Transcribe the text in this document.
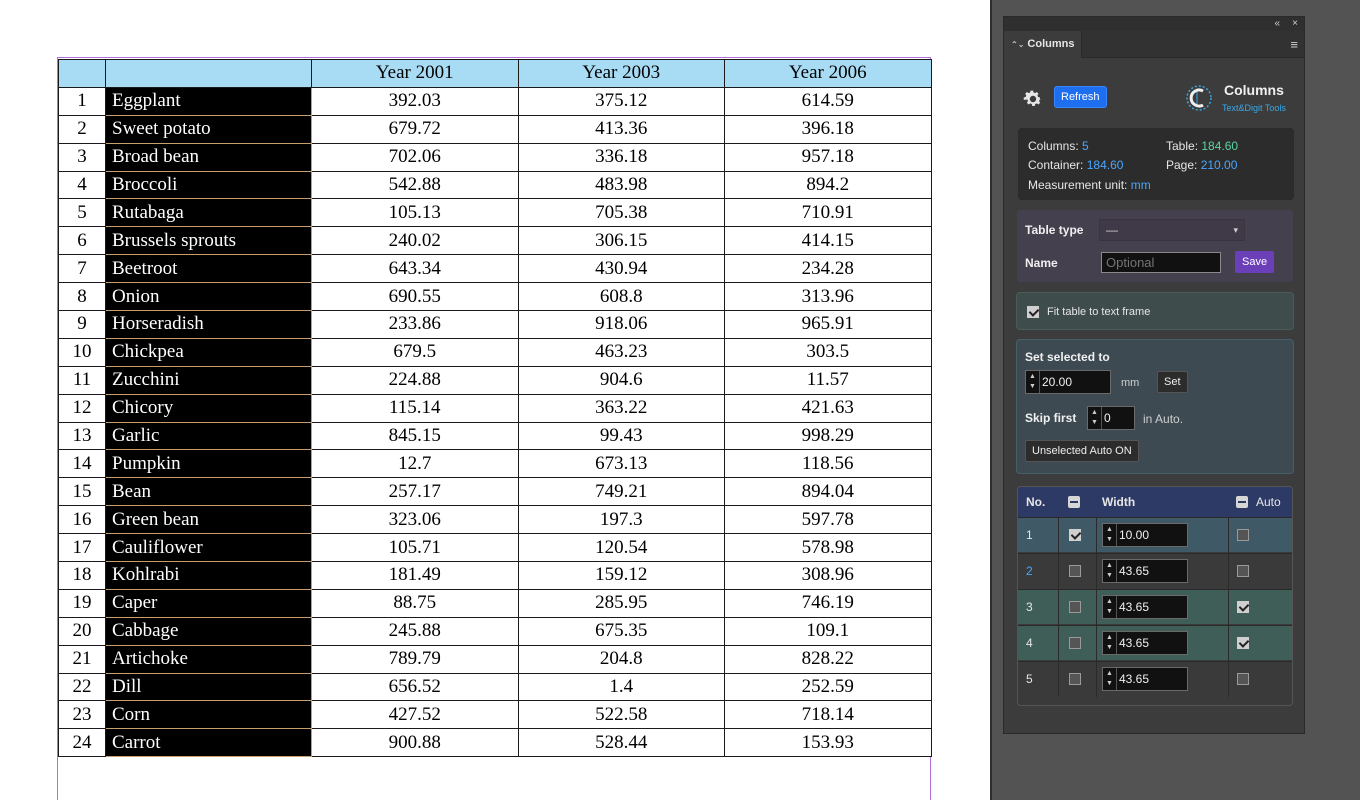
		Year 2001	Year 2003	Year 2006
1	Eggplant	392.03	375.12	614.59
2	Sweet potato	679.72	413.36	396.18
3	Broad bean	702.06	336.18	957.18
4	Broccoli	542.88	483.98	894.2
5	Rutabaga	105.13	705.38	710.91
6	Brussels sprouts	240.02	306.15	414.15
7	Beetroot	643.34	430.94	234.28
8	Onion	690.55	608.8	313.96
9	Horseradish	233.86	918.06	965.91
10	Chickpea	679.5	463.23	303.5
11	Zucchini	224.88	904.6	11.57
12	Chicory	115.14	363.22	421.63
13	Garlic	845.15	99.43	998.29
14	Pumpkin	12.7	673.13	118.56
15	Bean	257.17	749.21	894.04
16	Green bean	323.06	197.3	597.78
17	Cauliflower	105.71	120.54	578.98
18	Kohlrabi	181.49	159.12	308.96
19	Caper	88.75	285.95	746.19
20	Cabbage	245.88	675.35	109.1
21	Artichoke	789.79	204.8	828.22
22	Dill	656.52	1.4	252.59
23	Corn	427.52	522.58	718.14
24	Carrot	900.88	528.44	153.93
« ×
⌃⌄ Columns	≡
Refresh	Columns
Text&Digit Tools
Columns: 5	Table: 184.60
Container: 184.60	Page: 210.00
Measurement unit: mm
Table type	—	▾
Name
Optional	Save
Fit table to text frame
Set selected to
▲
▼
20.00	mm	Set
Skip first	▲
▼
0	in Auto.
Unselected Auto ON
No.	Width	Auto
1	▲
▼
10.00
2	▲
▼
43.65
3	▲
▼
43.65
4	▲
▼
43.65
5	▲
▼
43.65
